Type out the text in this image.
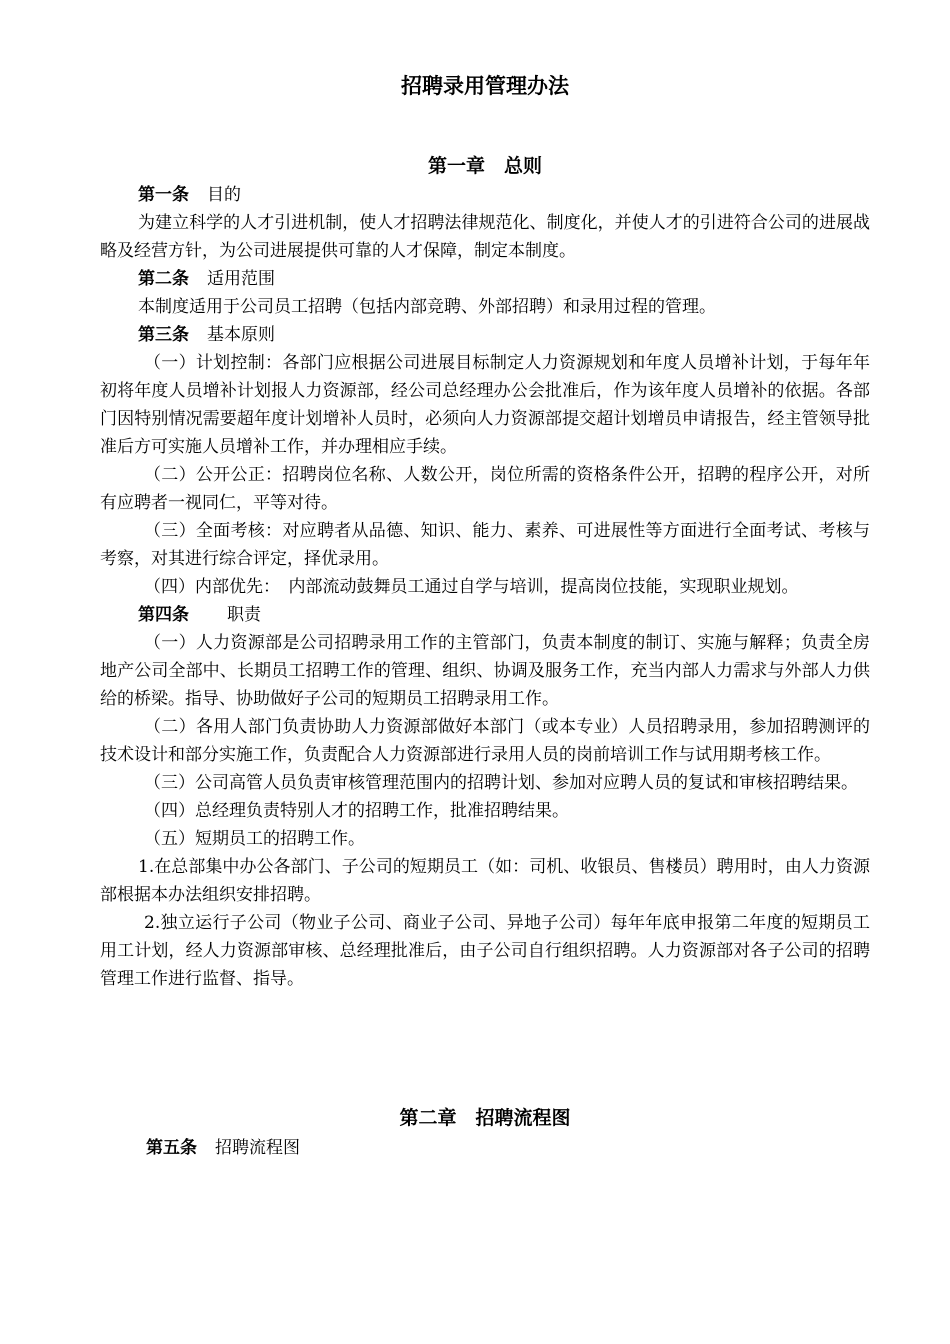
招聘录用管理办法
第一章　总则

第一条 目的

为建立科学的人才引进机制，使人才招聘法律规范化、制度化，并使人才的引进符合公司的进展战略及经营方针，为公司进展提供可靠的人才保障，制定本制度。

第二条 适用范围

本制度适用于公司员工招聘（包括内部竞聘、外部招聘）和录用过程的管理。

第三条 基本原则

（一）计划控制：各部门应根据公司进展目标制定人力资源规划和年度人员增补计划，于每年年初将年度人员增补计划报人力资源部，经公司总经理办公会批准后，作为该年度人员增补的依据。各部门因特别情况需要超年度计划增补人员时，必须向人力资源部提交超计划增员申请报告，经主管领导批准后方可实施人员增补工作，并办理相应手续。

（二）公开公正：招聘岗位名称、人数公开，岗位所需的资格条件公开，招聘的程序公开，对所有应聘者一视同仁，平等对待。

（三）全面考核：对应聘者从品德、知识、能力、素养、可进展性等方面进行全面考试、考核与考察，对其进行综合评定，择优录用。

（四）内部优先：　内部流动鼓舞员工通过自学与培训，提高岗位技能，实现职业规划。

第四条 职责

（一）人力资源部是公司招聘录用工作的主管部门，负责本制度的制订、实施与解释；负责全房地产公司全部中、长期员工招聘工作的管理、组织、协调及服务工作，充当内部人力需求与外部人力供给的桥梁。指导、协助做好子公司的短期员工招聘录用工作。

（二）各用人部门负责协助人力资源部做好本部门（或本专业）人员招聘录用，参加招聘测评的技术设计和部分实施工作，负责配合人力资源部进行录用人员的岗前培训工作与试用期考核工作。

（三）公司高管人员负责审核管理范围内的招聘计划、参加对应聘人员的复试和审核招聘结果。

（四）总经理负责特别人才的招聘工作，批准招聘结果。

（五）短期员工的招聘工作。

1.在总部集中办公各部门、子公司的短期员工（如：司机、收银员、售楼员）聘用时，由人力资源部根据本办法组织安排招聘。

2.独立运行子公司（物业子公司、商业子公司、异地子公司）每年年底申报第二年度的短期员工用工计划，经人力资源部审核、总经理批准后，由子公司自行组织招聘。人力资源部对各子公司的招聘管理工作进行监督、指导。

第二章　招聘流程图

第五条 招聘流程图
